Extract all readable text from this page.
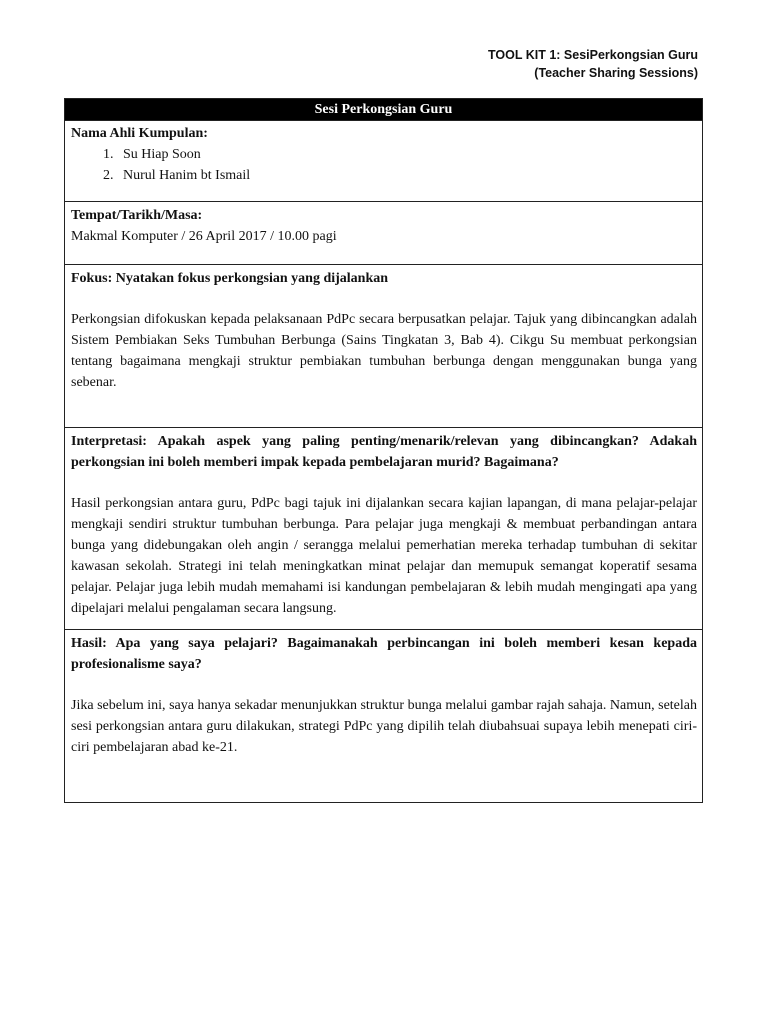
TOOL KIT 1: SesiPerkongsian Guru
(Teacher Sharing Sessions)
Sesi Perkongsian Guru
Nama Ahli Kumpulan:
1. Su Hiap Soon
2. Nurul Hanim bt Ismail
Tempat/Tarikh/Masa:
Makmal Komputer / 26 April 2017 / 10.00 pagi
Fokus: Nyatakan fokus perkongsian yang dijalankan
Perkongsian difokuskan kepada pelaksanaan PdPc secara berpusatkan pelajar. Tajuk yang dibincangkan adalah Sistem Pembiakan Seks Tumbuhan Berbunga (Sains Tingkatan 3, Bab 4). Cikgu Su membuat perkongsian tentang bagaimana mengkaji struktur pembiakan tumbuhan berbunga dengan menggunakan bunga yang sebenar.
Interpretasi: Apakah aspek yang paling penting/menarik/relevan yang dibincangkan? Adakah perkongsian ini boleh memberi impak kepada pembelajaran murid? Bagaimana?
Hasil perkongsian antara guru, PdPc bagi tajuk ini dijalankan secara kajian lapangan, di mana pelajar-pelajar mengkaji sendiri struktur tumbuhan berbunga. Para pelajar juga mengkaji & membuat perbandingan antara bunga yang didebungakan oleh angin / serangga melalui pemerhatian mereka terhadap tumbuhan di sekitar kawasan sekolah. Strategi ini telah meningkatkan minat pelajar dan memupuk semangat koperatif sesama pelajar. Pelajar juga lebih mudah memahami isi kandungan pembelajaran & lebih mudah mengingati apa yang dipelajari melalui pengalaman secara langsung.
Hasil: Apa yang saya pelajari? Bagaimanakah perbincangan ini boleh memberi kesan kepada profesionalisme saya?
Jika sebelum ini, saya hanya sekadar menunjukkan struktur bunga melalui gambar rajah sahaja. Namun, setelah sesi perkongsian antara guru dilakukan, strategi PdPc yang dipilih telah diubahsuai supaya lebih menepati ciri-ciri pembelajaran abad ke-21.
